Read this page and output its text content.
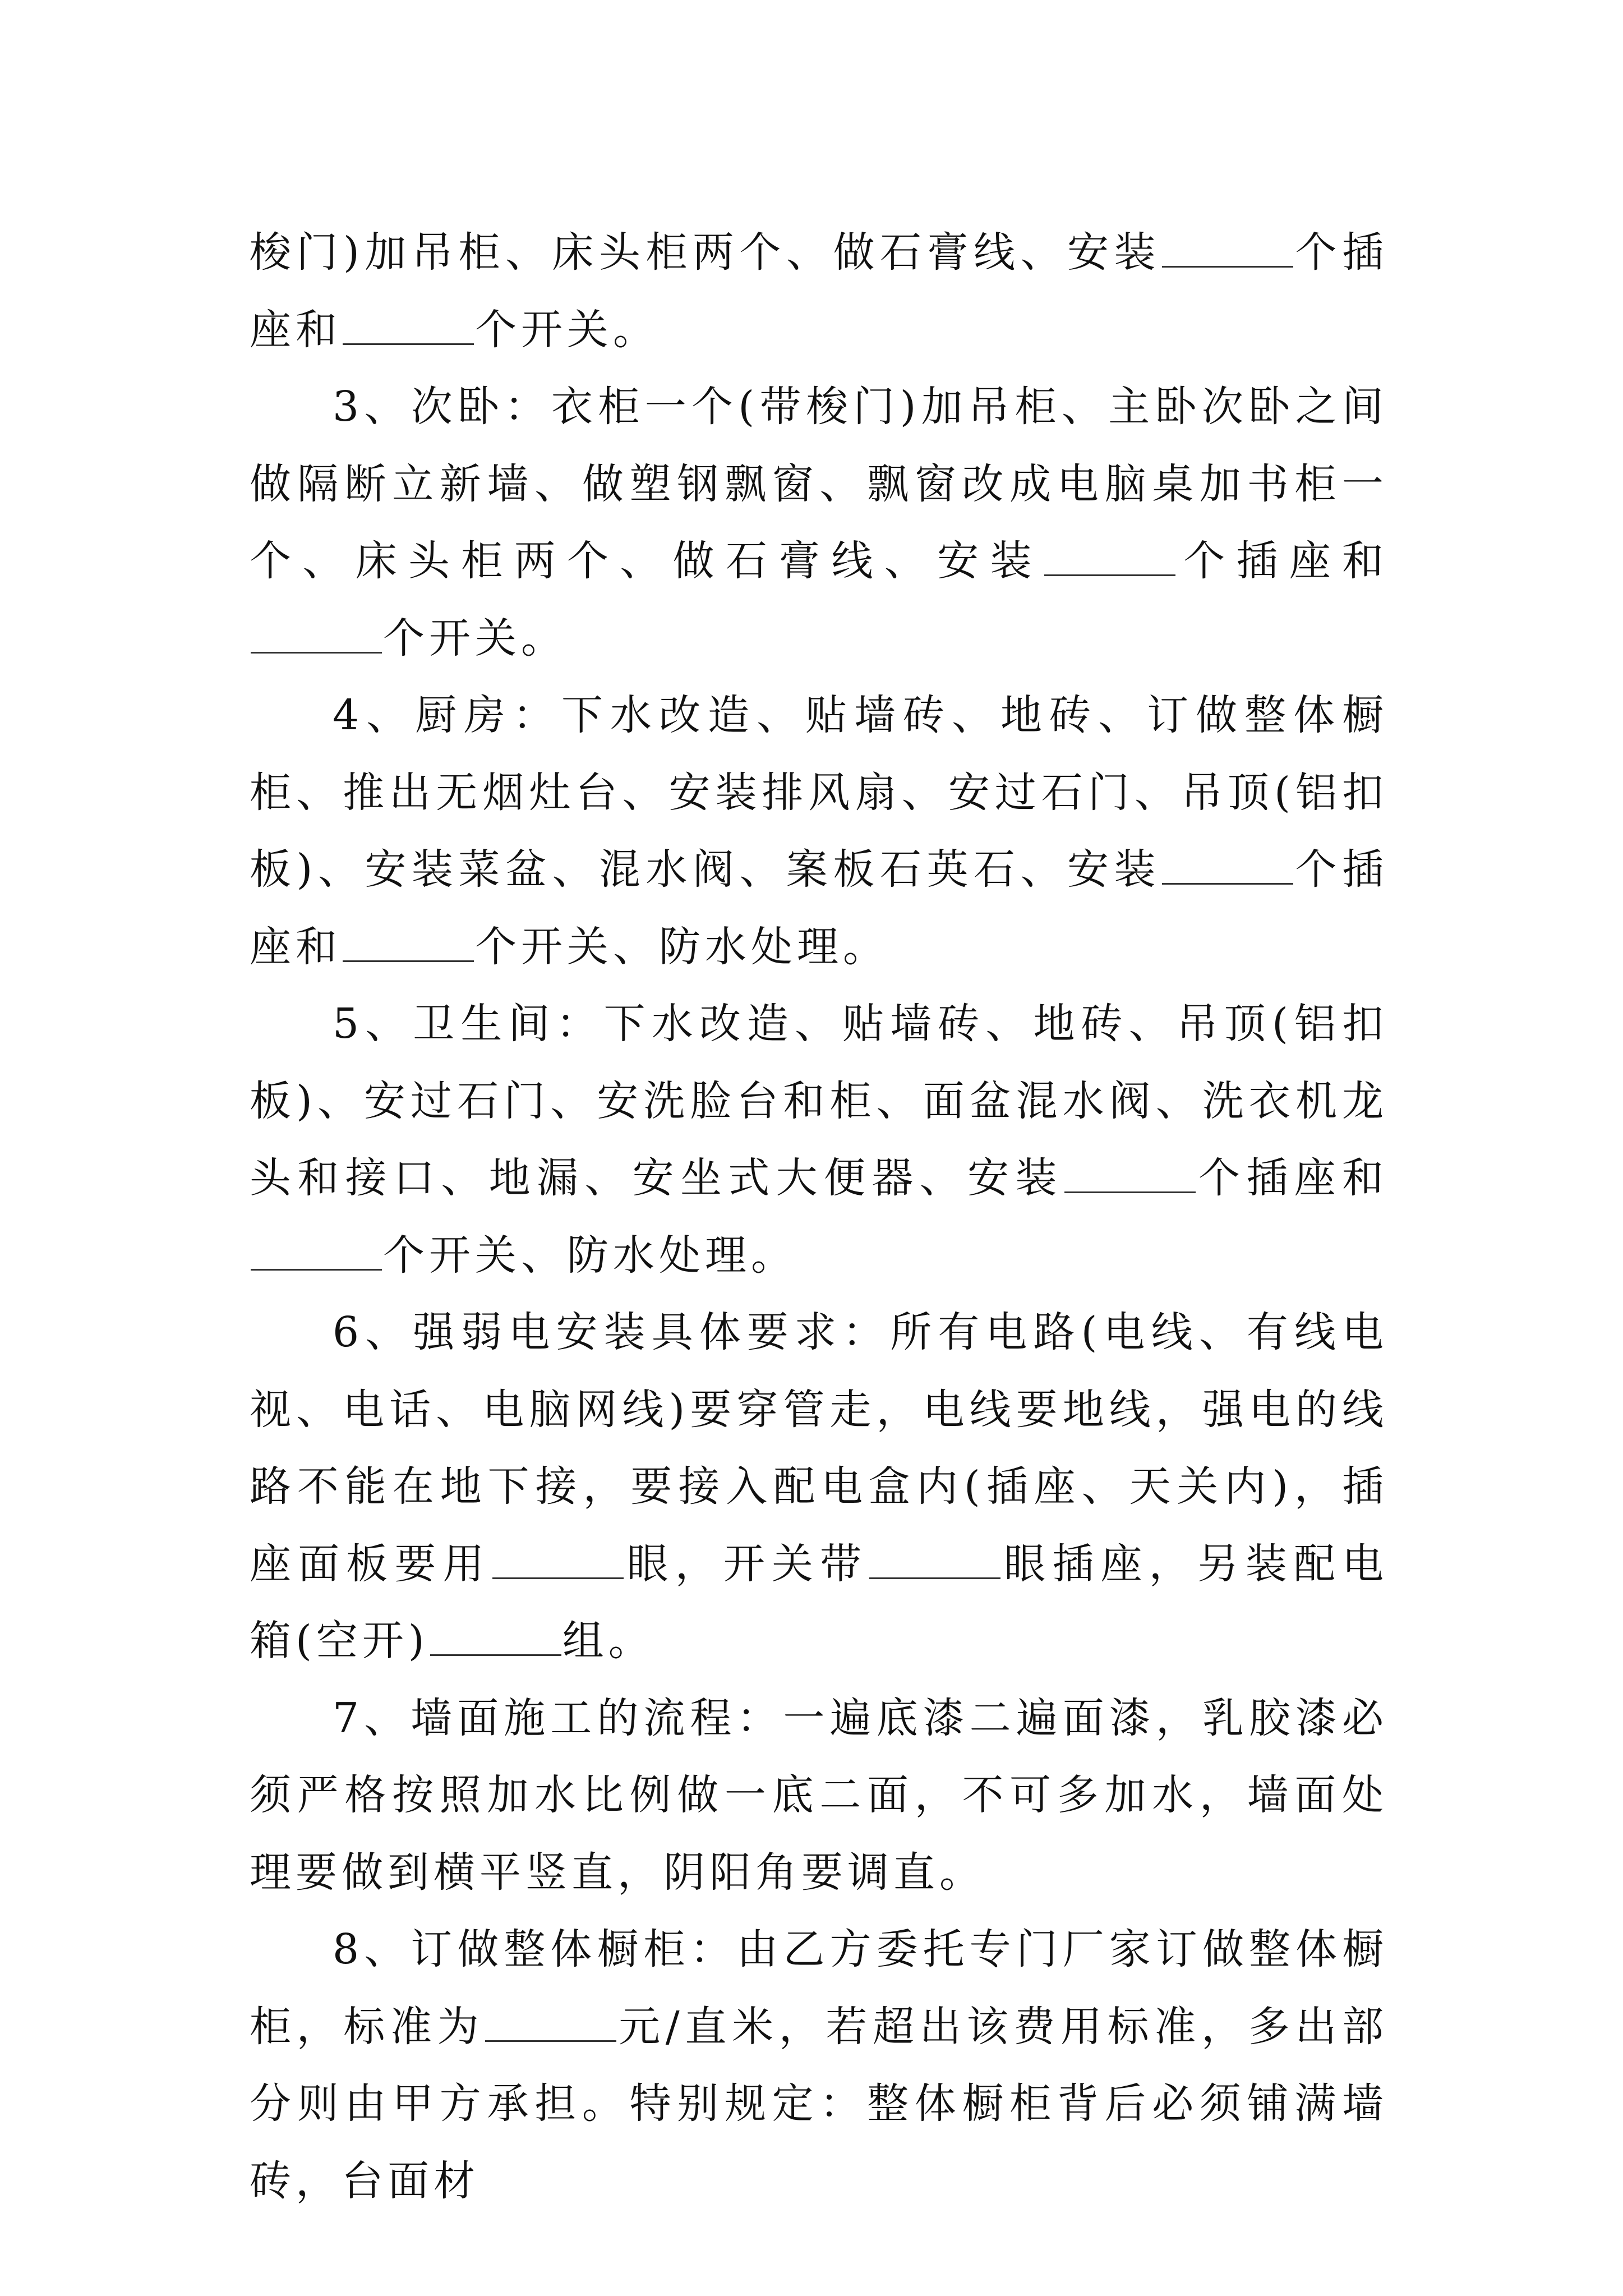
梭门)加吊柜、床头柜两个、做石膏线、安装	个插座和	个开关。

3、次卧：衣柜一个(带梭门)加吊柜、主卧次卧之间做隔断立新墙、做塑钢飘窗、飘窗改成电脑桌加书柜一个、床头柜两个、做石膏线、安装	个插座和个开关。

4、厨房：下水改造、贴墙砖、地砖、订做整体橱柜、推出无烟灶台、安装排风扇、安过石门、吊顶(铝扣板)、安装菜盆、混水阀、案板石英石、安装	个插座和	个开关、防水处理。

5、卫生间：下水改造、贴墙砖、地砖、吊顶(铝扣板)、安过石门、安洗脸台和柜、面盆混水阀、洗衣机龙头和接口、地漏、安坐式大便器、安装	个插座和个开关、防水处理。

6、强弱电安装具体要求：所有电路(电线、有线电视、电话、电脑网线)要穿管走，电线要地线，强电的线路不能在地下接，要接入配电盒内(插座、天关内)，插座面板要用	眼，开关带	眼插座，另装配电箱(空开)	组。

7、墙面施工的流程：一遍底漆二遍面漆，乳胶漆必须严格按照加水比例做一底二面，不可多加水，墙面处理要做到横平竖直，阴阳角要调直。

8、订做整体橱柜：由乙方委托专门厂家订做整体橱柜，标准为	元/直米，若超出该费用标准，多出部分则由甲方承担。特别规定：整体橱柜背后必须铺满墙砖，台面材
